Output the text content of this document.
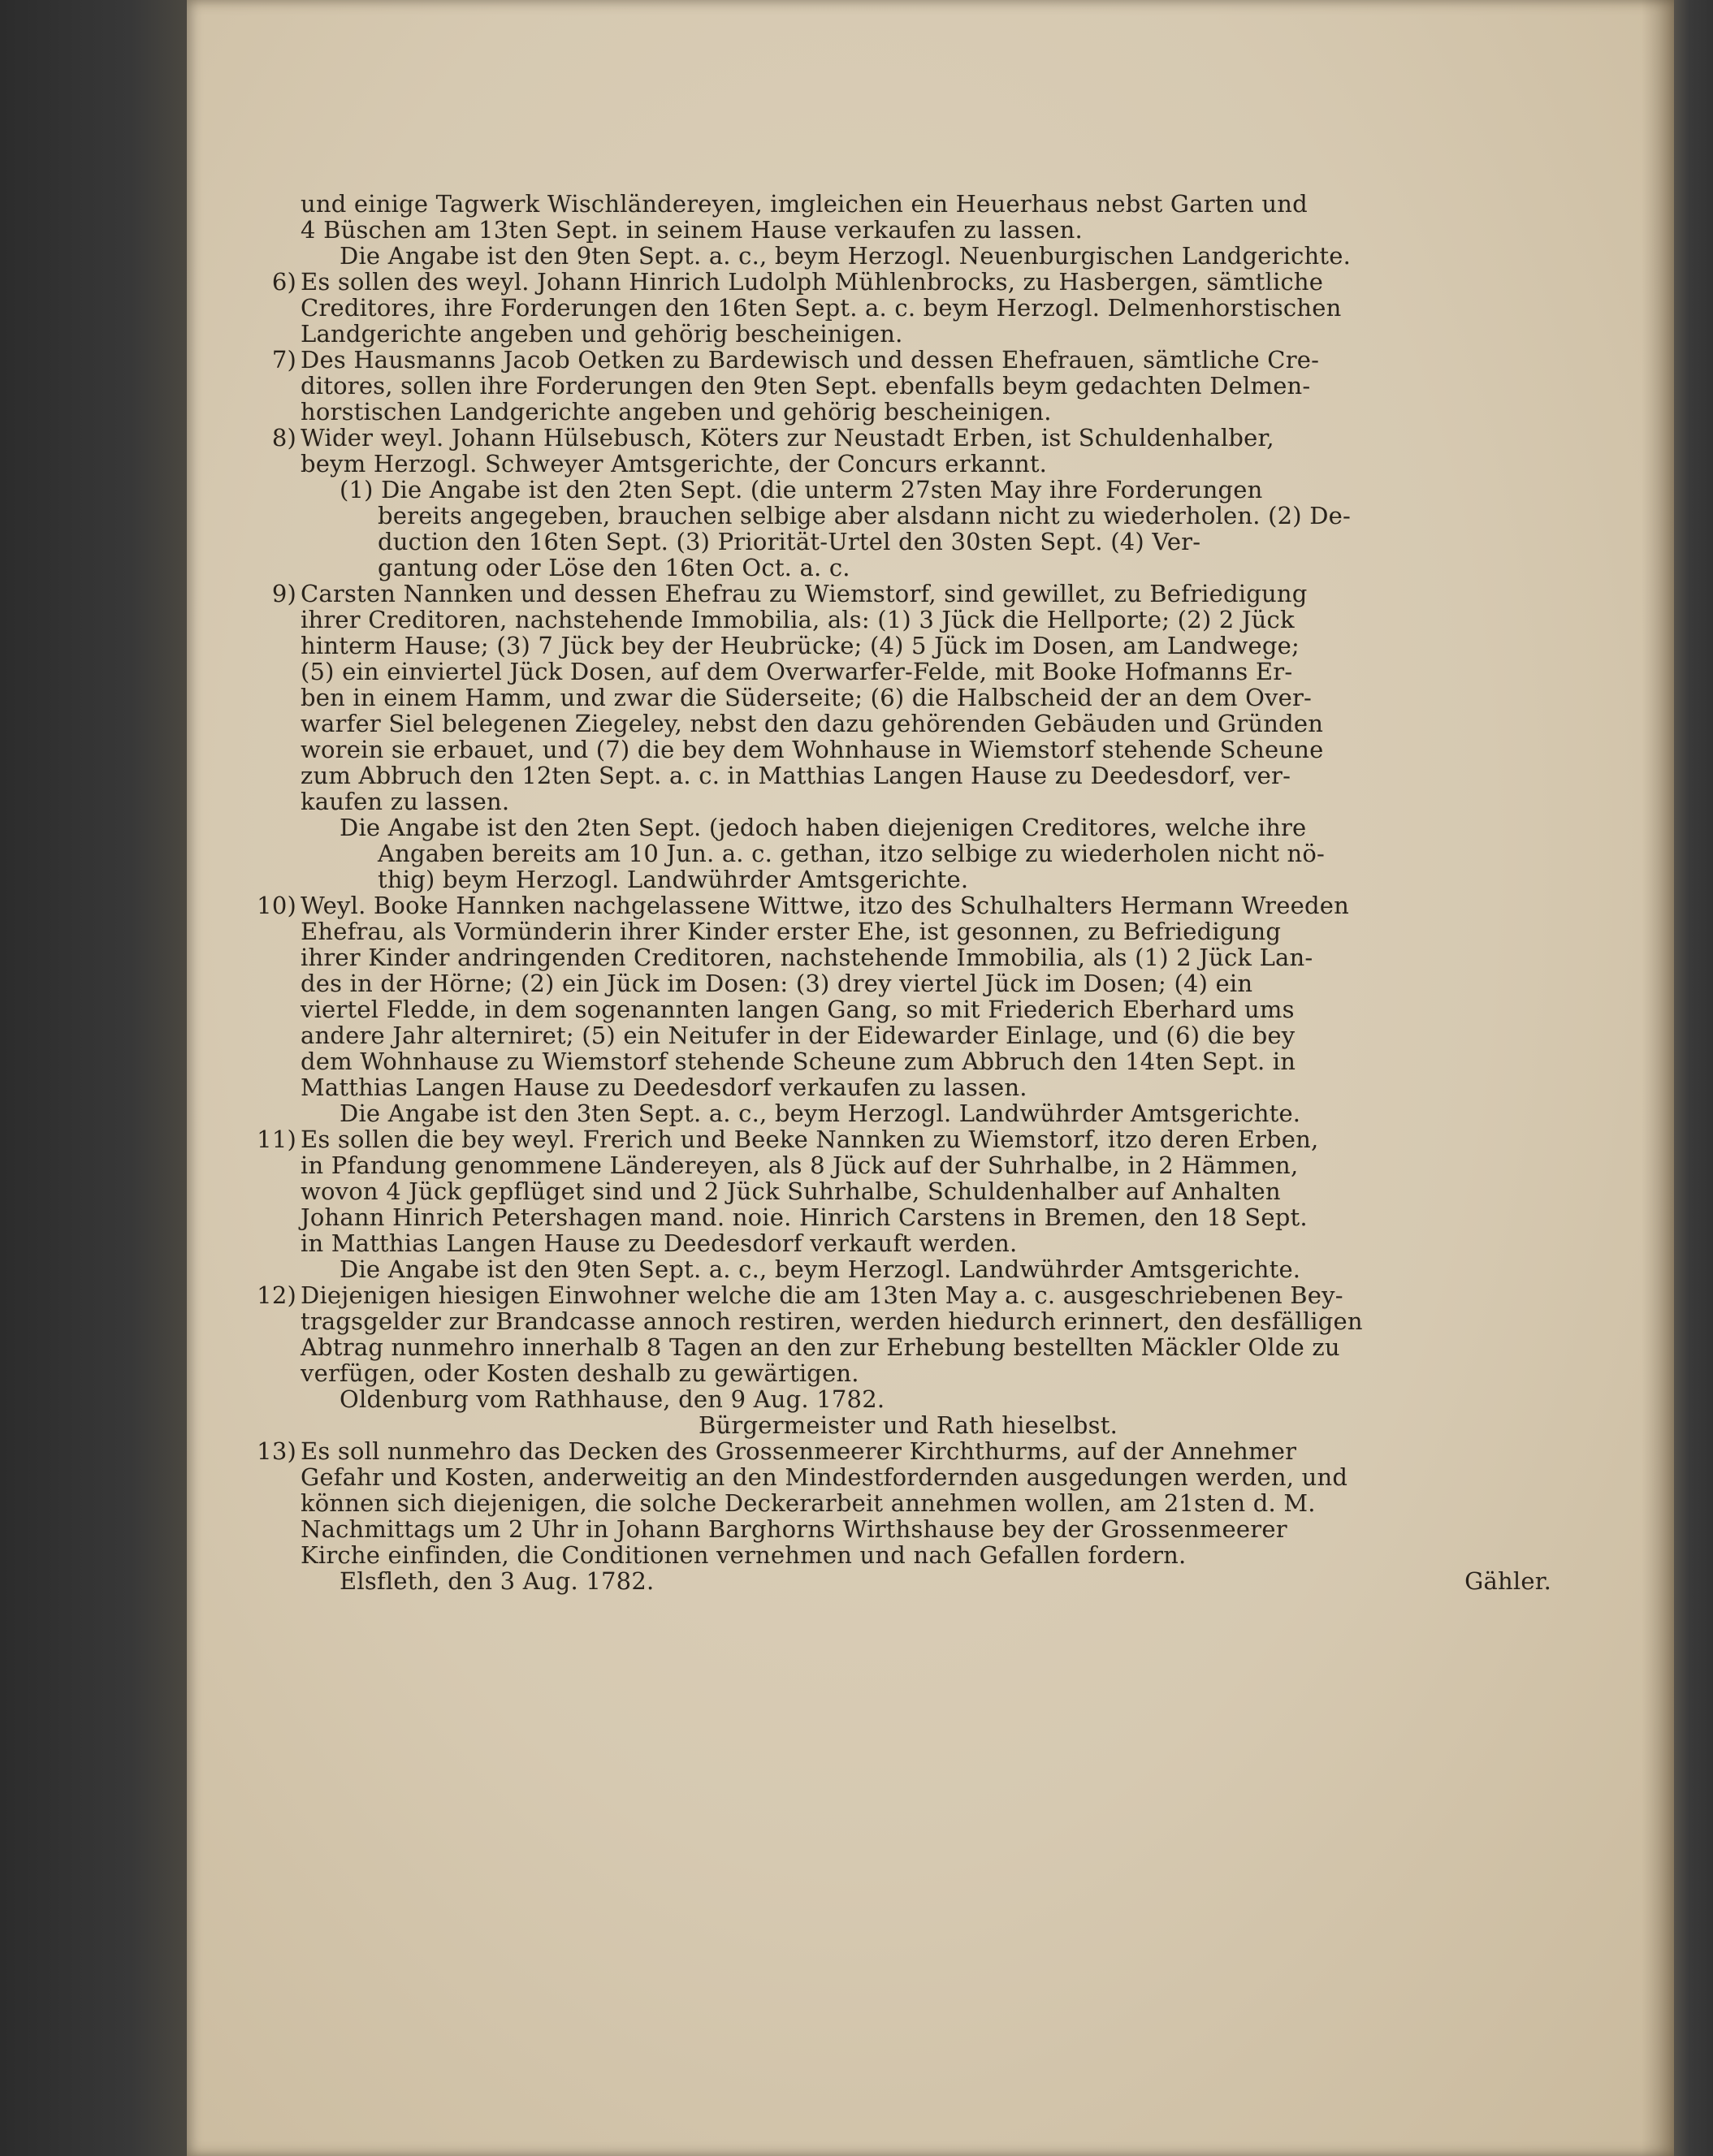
und einige Tagwerk Wischländereyen, imgleichen ein Heuerhaus nebst Garten und
4 Büschen am 13ten Sept. in seinem Hause verkaufen zu lassen.
Die Angabe ist den 9ten Sept. a. c., beym Herzogl. Neuenburgischen Landgerichte.
6) Es sollen des weyl. Johann Hinrich Ludolph Mühlenbrocks, zu Hasbergen, sämtliche
Creditores, ihre Forderungen den 16ten Sept. a. c. beym Herzogl. Delmenhorstischen
Landgerichte angeben und gehörig bescheinigen.
7) Des Hausmanns Jacob Oetken zu Bardewisch und dessen Ehefrauen, sämtliche Cre-
ditores, sollen ihre Forderungen den 9ten Sept. ebenfalls beym gedachten Delmen-
horstischen Landgerichte angeben und gehörig bescheinigen.
8) Wider weyl. Johann Hülsebusch, Köters zur Neustadt Erben, ist Schuldenhalber,
beym Herzogl. Schweyer Amtsgerichte, der Concurs erkannt.
(1) Die Angabe ist den 2ten Sept. (die unterm 27sten May ihre Forderungen
bereits angegeben, brauchen selbige aber alsdann nicht zu wiederholen. (2) De-
duction den 16ten Sept. (3) Priorität-Urtel den 30sten Sept. (4) Ver-
gantung oder Löse den 16ten Oct. a. c.
9) Carsten Nannken und dessen Ehefrau zu Wiemstorf, sind gewillet, zu Befriedigung
ihrer Creditoren, nachstehende Immobilia, als: (1) 3 Jück die Hellporte; (2) 2 Jück
hinterm Hause; (3) 7 Jück bey der Heubrücke; (4) 5 Jück im Dosen, am Landwege;
(5) ein einviertel Jück Dosen, auf dem Overwarfer-Felde, mit Booke Hofmanns Er-
ben in einem Hamm, und zwar die Süderseite; (6) die Halbscheid der an dem Over-
warfer Siel belegenen Ziegeley, nebst den dazu gehörenden Gebäuden und Gründen
worein sie erbauet, und (7) die bey dem Wohnhause in Wiemstorf stehende Scheune
zum Abbruch den 12ten Sept. a. c. in Matthias Langen Hause zu Deedesdorf, ver-
kaufen zu lassen.
Die Angabe ist den 2ten Sept. (jedoch haben diejenigen Creditores, welche ihre
Angaben bereits am 10 Jun. a. c. gethan, itzo selbige zu wiederholen nicht nö-
thig) beym Herzogl. Landwührder Amtsgerichte.
10) Weyl. Booke Hannken nachgelassene Wittwe, itzo des Schulhalters Hermann Wreeden
Ehefrau, als Vormünderin ihrer Kinder erster Ehe, ist gesonnen, zu Befriedigung
ihrer Kinder andringenden Creditoren, nachstehende Immobilia, als (1) 2 Jück Lan-
des in der Hörne; (2) ein Jück im Dosen: (3) drey viertel Jück im Dosen; (4) ein
viertel Fledde, in dem sogenannten langen Gang, so mit Friederich Eberhard ums
andere Jahr alterniret; (5) ein Neitufer in der Eidewarder Einlage, und (6) die bey
dem Wohnhause zu Wiemstorf stehende Scheune zum Abbruch den 14ten Sept. in
Matthias Langen Hause zu Deedesdorf verkaufen zu lassen.
Die Angabe ist den 3ten Sept. a. c., beym Herzogl. Landwührder Amtsgerichte.
11) Es sollen die bey weyl. Frerich und Beeke Nannken zu Wiemstorf, itzo deren Erben,
in Pfandung genommene Ländereyen, als 8 Jück auf der Suhrhalbe, in 2 Hämmen,
wovon 4 Jück gepflüget sind und 2 Jück Suhrhalbe, Schuldenhalber auf Anhalten
Johann Hinrich Petershagen mand. noie. Hinrich Carstens in Bremen, den 18 Sept.
in Matthias Langen Hause zu Deedesdorf verkauft werden.
Die Angabe ist den 9ten Sept. a. c., beym Herzogl. Landwührder Amtsgerichte.
12) Diejenigen hiesigen Einwohner welche die am 13ten May a. c. ausgeschriebenen Bey-
tragsgelder zur Brandcasse annoch restiren, werden hiedurch erinnert, den desfälligen
Abtrag nunmehro innerhalb 8 Tagen an den zur Erhebung bestellten Mäckler Olde zu
verfügen, oder Kosten deshalb zu gewärtigen.
Oldenburg vom Rathhause, den 9 Aug. 1782.
Bürgermeister und Rath hieselbst.
13) Es soll nunmehro das Decken des Grossenmeerer Kirchthurms, auf der Annehmer
Gefahr und Kosten, anderweitig an den Mindestfordernden ausgedungen werden, und
können sich diejenigen, die solche Deckerarbeit annehmen wollen, am 21sten d. M.
Nachmittags um 2 Uhr in Johann Barghorns Wirthshause bey der Grossenmeerer
Kirche einfinden, die Conditionen vernehmen und nach Gefallen fordern.
Elsfleth, den 3 Aug. 1782.	Gähler.
